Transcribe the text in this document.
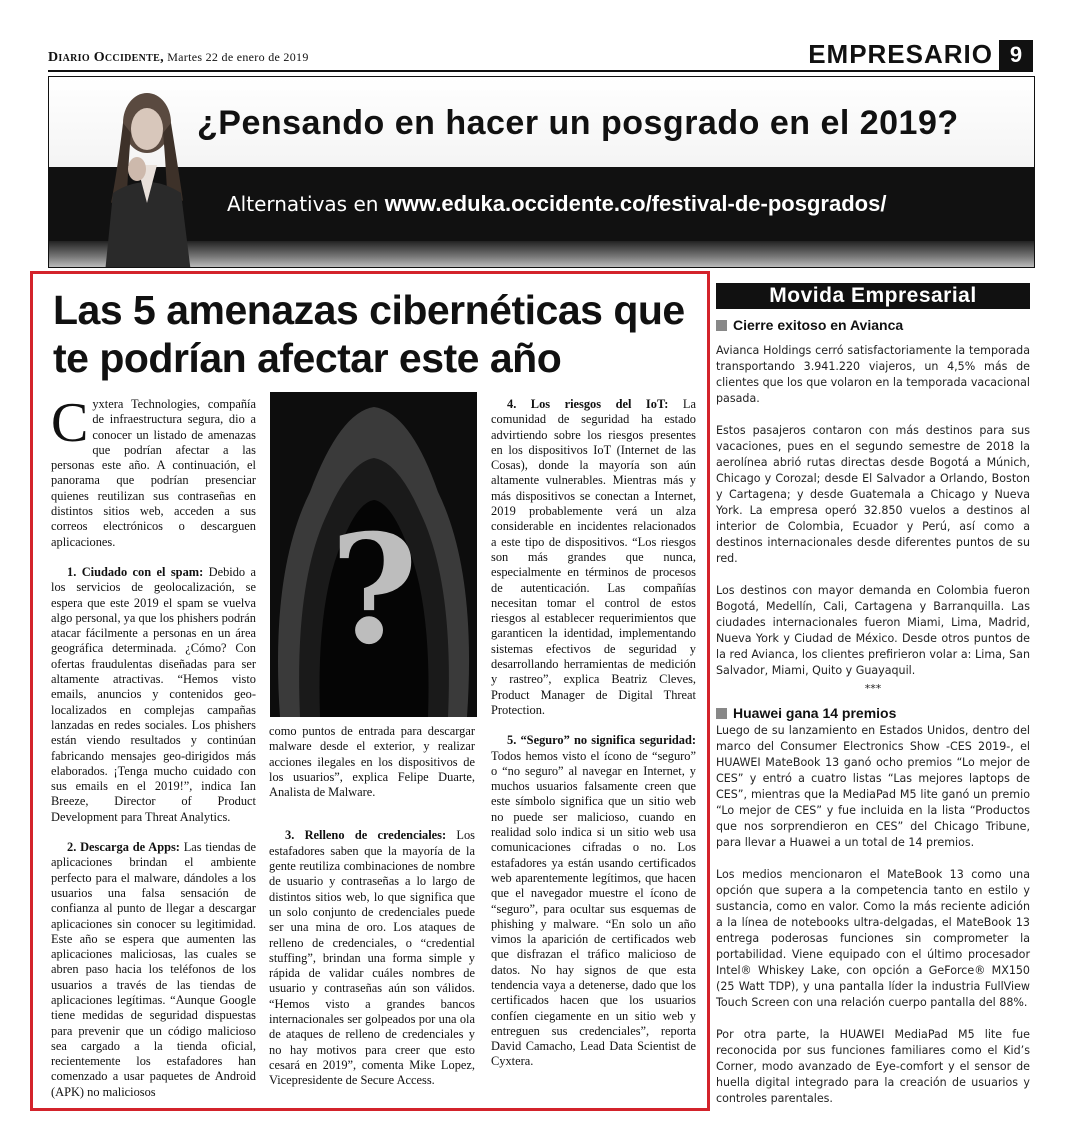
Diario Occidente, Martes 22 de enero de 2019	EMPRESARIO 9
¿Pensando en hacer un posgrado en el 2019?
Alternativas en www.eduka.occidente.co/festival-de-posgrados/
Las 5 amenazas cibernéticas que te podrían afectar este año

Cyxtera Technologies, compañía de infraestructura segura, dio a conocer un listado de amenazas que podrían afectar a las personas este año. A continuación, el panorama que podrían presenciar quienes reutilizan sus contraseñas en distintos sitios web, acceden a sus correos electrónicos o descarguen aplicaciones.

1. Ciudado con el spam: Debido a los servicios de geolocalización, se espera que este 2019 el spam se vuelva algo personal, ya que los phishers podrán atacar fácilmente a personas en un área geográfica determinada. ¿Cómo? Con ofertas fraudulentas diseñadas para ser altamente atractivas. “Hemos visto emails, anuncios y contenidos geo-localizados en complejas campañas lanzadas en redes sociales. Los phishers están viendo resultados y continúan fabricando mensajes geo-dirigidos más elaborados. ¡Tenga mucho cuidado con sus emails en el 2019!”, indica Ian Breeze, Director of Product Development para Threat Analytics.

2. Descarga de Apps: Las tiendas de aplicaciones brindan el ambiente perfecto para el malware, dándoles a los usuarios una falsa sensación de confianza al punto de llegar a descargar aplicaciones sin conocer su legitimidad. Este año se espera que aumenten las aplicaciones maliciosas, las cuales se abren paso hacia los teléfonos de los usuarios a través de las tiendas de aplicaciones legítimas. “Aunque Google tiene medidas de seguridad dispuestas para prevenir que un código malicioso sea cargado a la tienda oficial, recientemente los estafadores han comenzado a usar paquetes de Android (APK) no maliciosos

?

como puntos de entrada para descargar malware desde el exterior, y realizar acciones ilegales en los dispositivos de los usuarios”, explica Felipe Duarte, Analista de Malware.

3. Relleno de credenciales: Los estafadores saben que la mayoría de la gente reutiliza combinaciones de nombre de usuario y contraseñas a lo largo de distintos sitios web, lo que significa que un solo conjunto de credenciales puede ser una mina de oro. Los ataques de relleno de credenciales, o “credential stuffing”, brindan una forma simple y rápida de validar cuáles nombres de usuario y contraseñas aún son válidos. “Hemos visto a grandes bancos internacionales ser golpeados por una ola de ataques de relleno de credenciales y no hay motivos para creer que esto cesará en 2019”, comenta Mike Lopez, Vicepresidente de Secure Access.

4. Los riesgos del IoT: La comunidad de seguridad ha estado advirtiendo sobre los riesgos presentes en los dispositivos IoT (Internet de las Cosas), donde la mayoría son aún altamente vulnerables. Mientras más y más dispositivos se conectan a Internet, 2019 probablemente verá un alza considerable en incidentes relacionados a este tipo de dispositivos. “Los riesgos son más grandes que nunca, especialmente en términos de procesos de autenticación. Las compañías necesitan tomar el control de estos riesgos al establecer requerimientos que garanticen la identidad, implementando sistemas efectivos de seguridad y desarrollando herramientas de medición y rastreo”, explica Beatriz Cleves, Product Manager de Digital Threat Protection.

5. “Seguro” no significa seguridad: Todos hemos visto el ícono de “seguro” o “no seguro” al navegar en Internet, y muchos usuarios falsamente creen que este símbolo significa que un sitio web no puede ser malicioso, cuando en realidad solo indica si un sitio web usa comunicaciones cifradas o no. Los estafadores ya están usando certificados web aparentemente legítimos, que hacen que el navegador muestre el ícono de “seguro”, para ocultar sus esquemas de phishing y malware. “En solo un año vimos la aparición de certificados web que disfrazan el tráfico malicioso de datos. No hay signos de que esta tendencia vaya a detenerse, dado que los certificados hacen que los usuarios confíen ciegamente en un sitio web y entreguen sus credenciales”, reporta David Camacho, Lead Data Scientist de Cyxtera.

Movida Empresarial
Cierre exitoso en Avianca

Avianca Holdings cerró satisfactoriamente la temporada transportando 3.941.220 viajeros, un 4,5% más de clientes que los que volaron en la temporada vacacional pasada.

Estos pasajeros contaron con más destinos para sus vacaciones, pues en el segundo semestre de 2018 la aerolínea abrió rutas directas desde Bogotá a Múnich, Chicago y Corozal; desde El Salvador a Orlando, Boston y Cartagena; y desde Guatemala a Chicago y Nueva York. La empresa operó 32.850 vuelos a destinos al interior de Colombia, Ecuador y Perú, así como a destinos internacionales desde diferentes puntos de su red.

Los destinos con mayor demanda en Colombia fueron Bogotá, Medellín, Cali, Cartagena y Barranquilla. Las ciudades internacionales fueron Miami, Lima, Madrid, Nueva York y Ciudad de México. Desde otros puntos de la red Avianca, los clientes prefirieron volar a: Lima, San Salvador, Miami, Quito y Guayaquil.

***
Huawei gana 14 premios

Luego de su lanzamiento en Estados Unidos, dentro del marco del Consumer Electronics Show -CES 2019-, el HUAWEI MateBook 13 ganó ocho premios “Lo mejor de CES” y entró a cuatro listas “Las mejores laptops de CES”, mientras que la MediaPad M5 lite ganó un premio “Lo mejor de CES” y fue incluida en la lista “Productos que nos sorprendieron en CES” del Chicago Tribune, para llevar a Huawei a un total de 14 premios.

Los medios mencionaron el MateBook 13 como una opción que supera a la competencia tanto en estilo y sustancia, como en valor. Como la más reciente adición a la línea de notebooks ultra-delgadas, el MateBook 13 entrega poderosas funciones sin comprometer la portabilidad. Viene equipado con el último procesador Intel® Whiskey Lake, con opción a GeForce® MX150 (25 Watt TDP), y una pantalla líder la industria FullView Touch Screen con una relación cuerpo pantalla del 88%.

Por otra parte, la HUAWEI MediaPad M5 lite fue reconocida por sus funciones familiares como el Kid’s Corner, modo avanzado de Eye-comfort y el sensor de huella digital integrado para la creación de usuarios y controles parentales.
